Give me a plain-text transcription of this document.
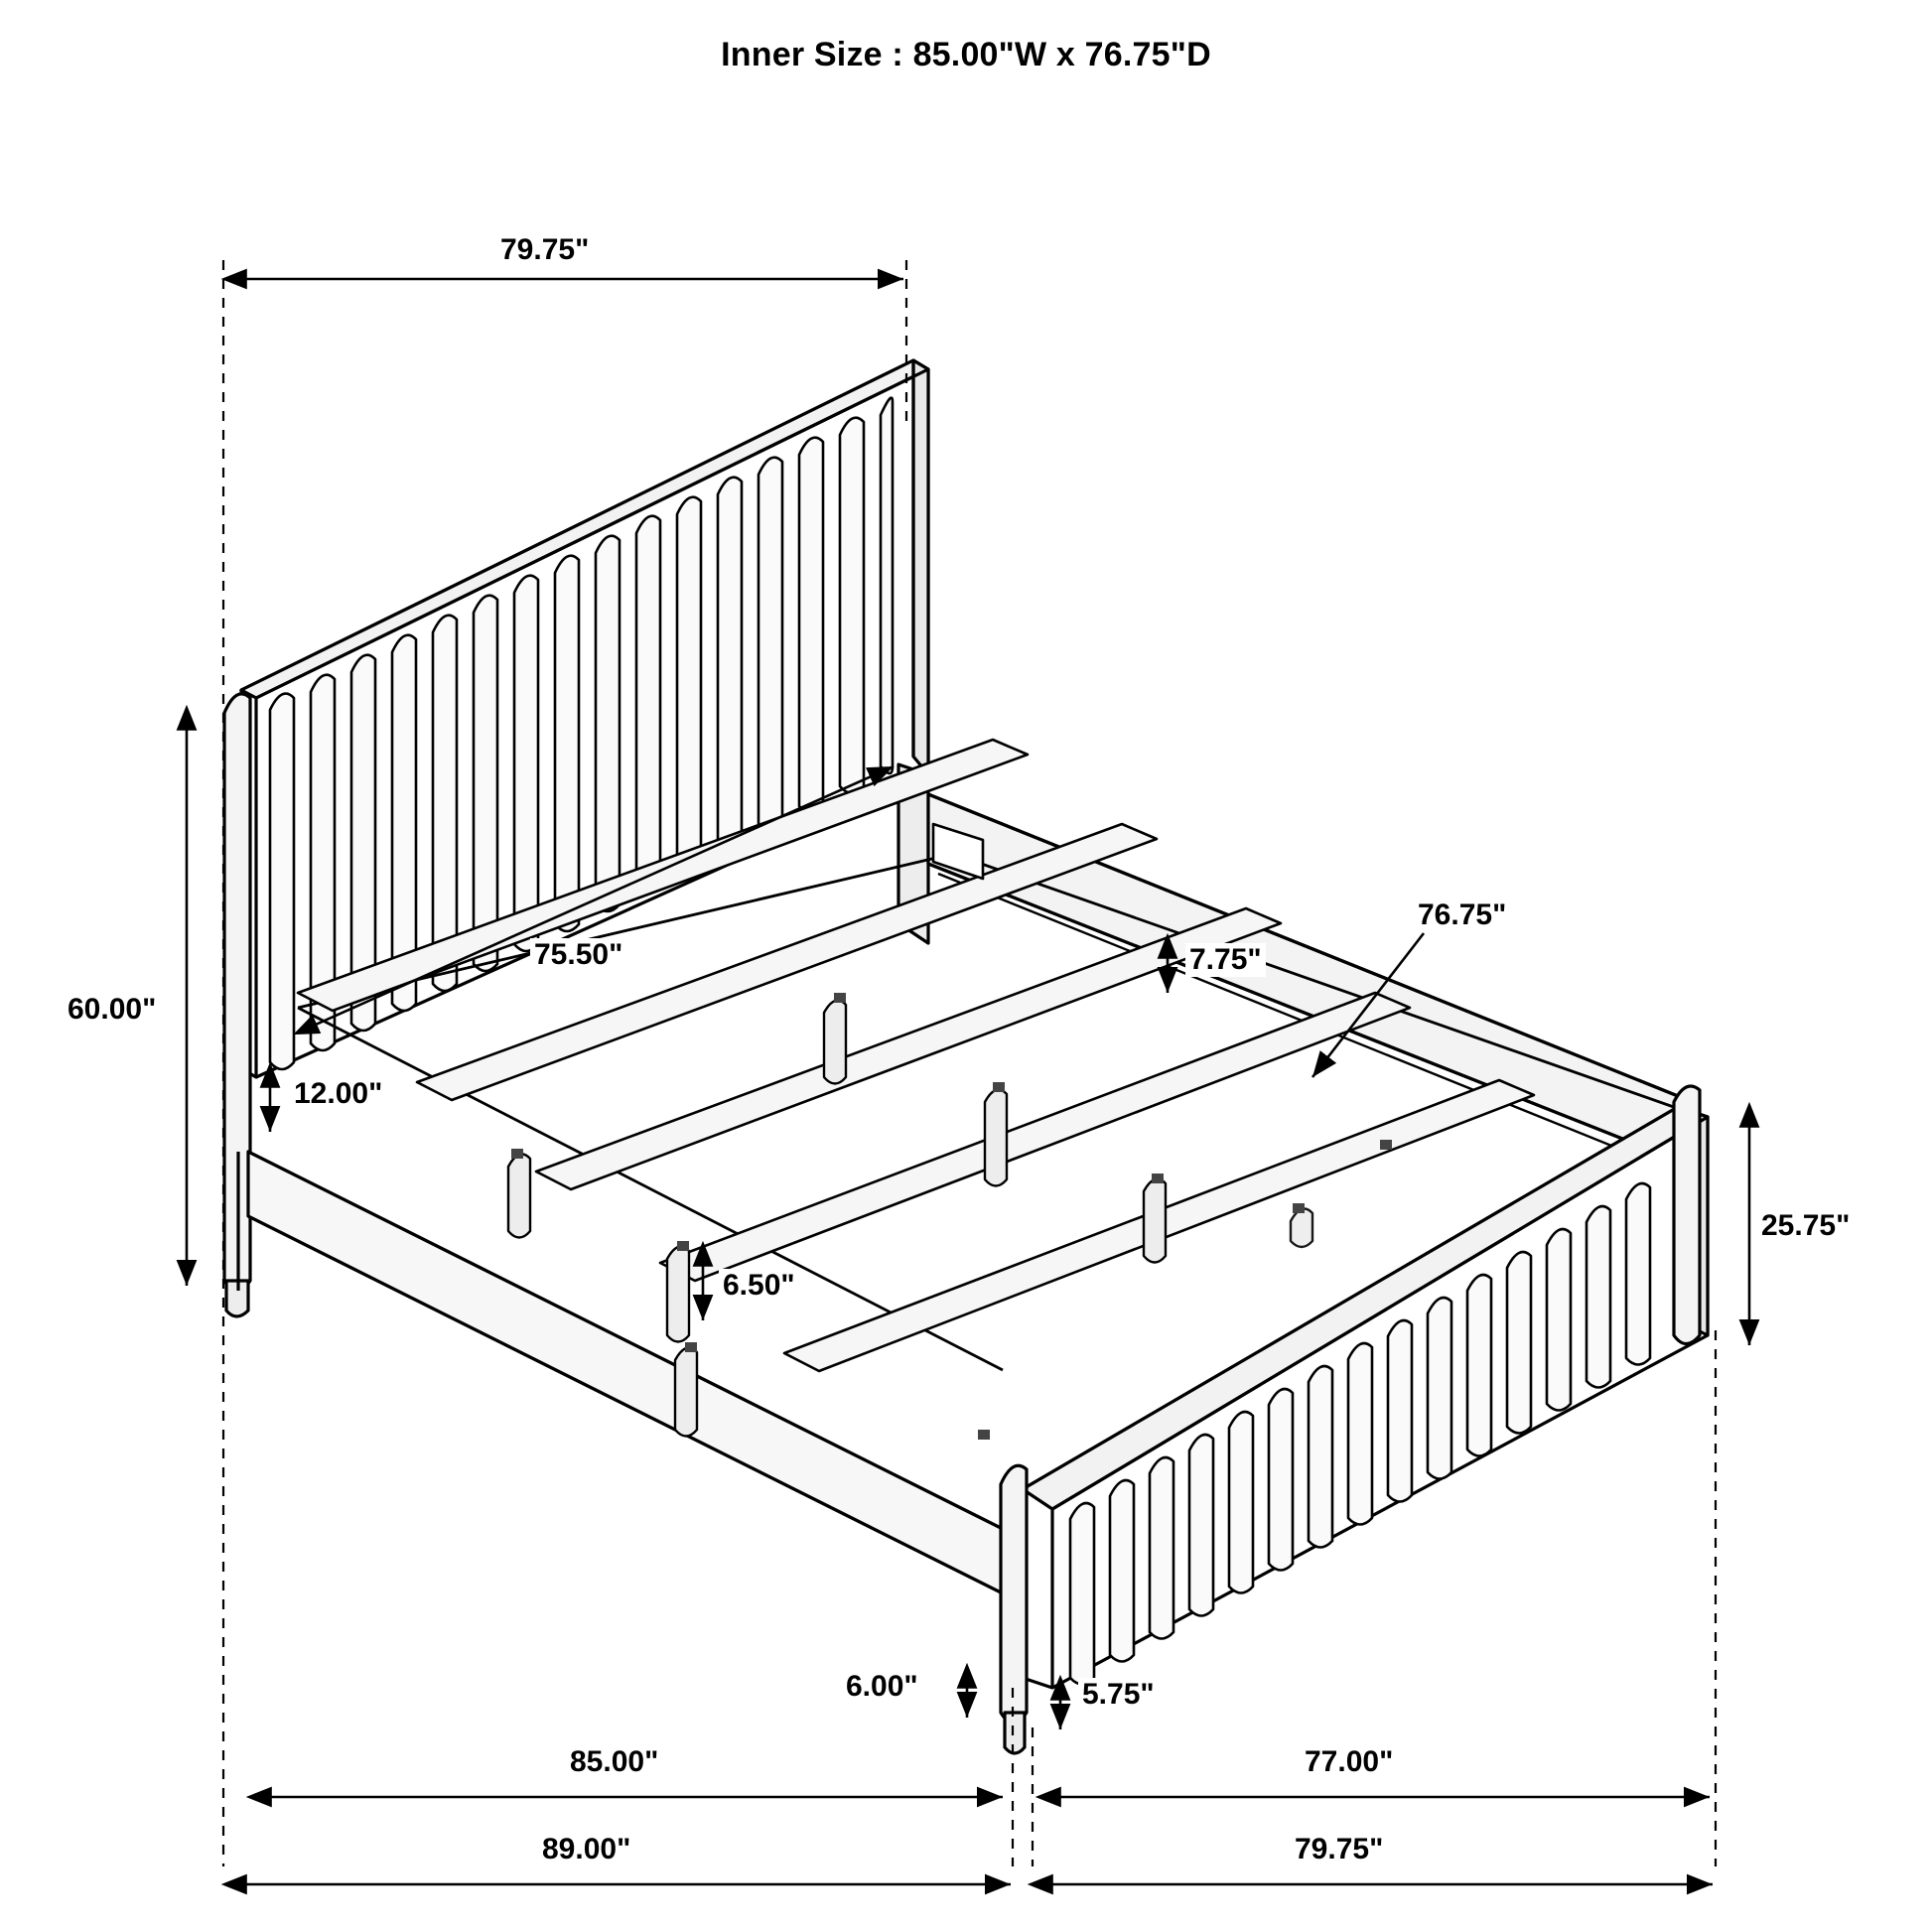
Inner Size : 85.00"W x 76.75"D
79.75"
60.00"
75.50"
12.00"
7.75"
76.75"
25.75"
6.50"
6.00"	5.75"
85.00"	77.00"
89.00"	79.75"
